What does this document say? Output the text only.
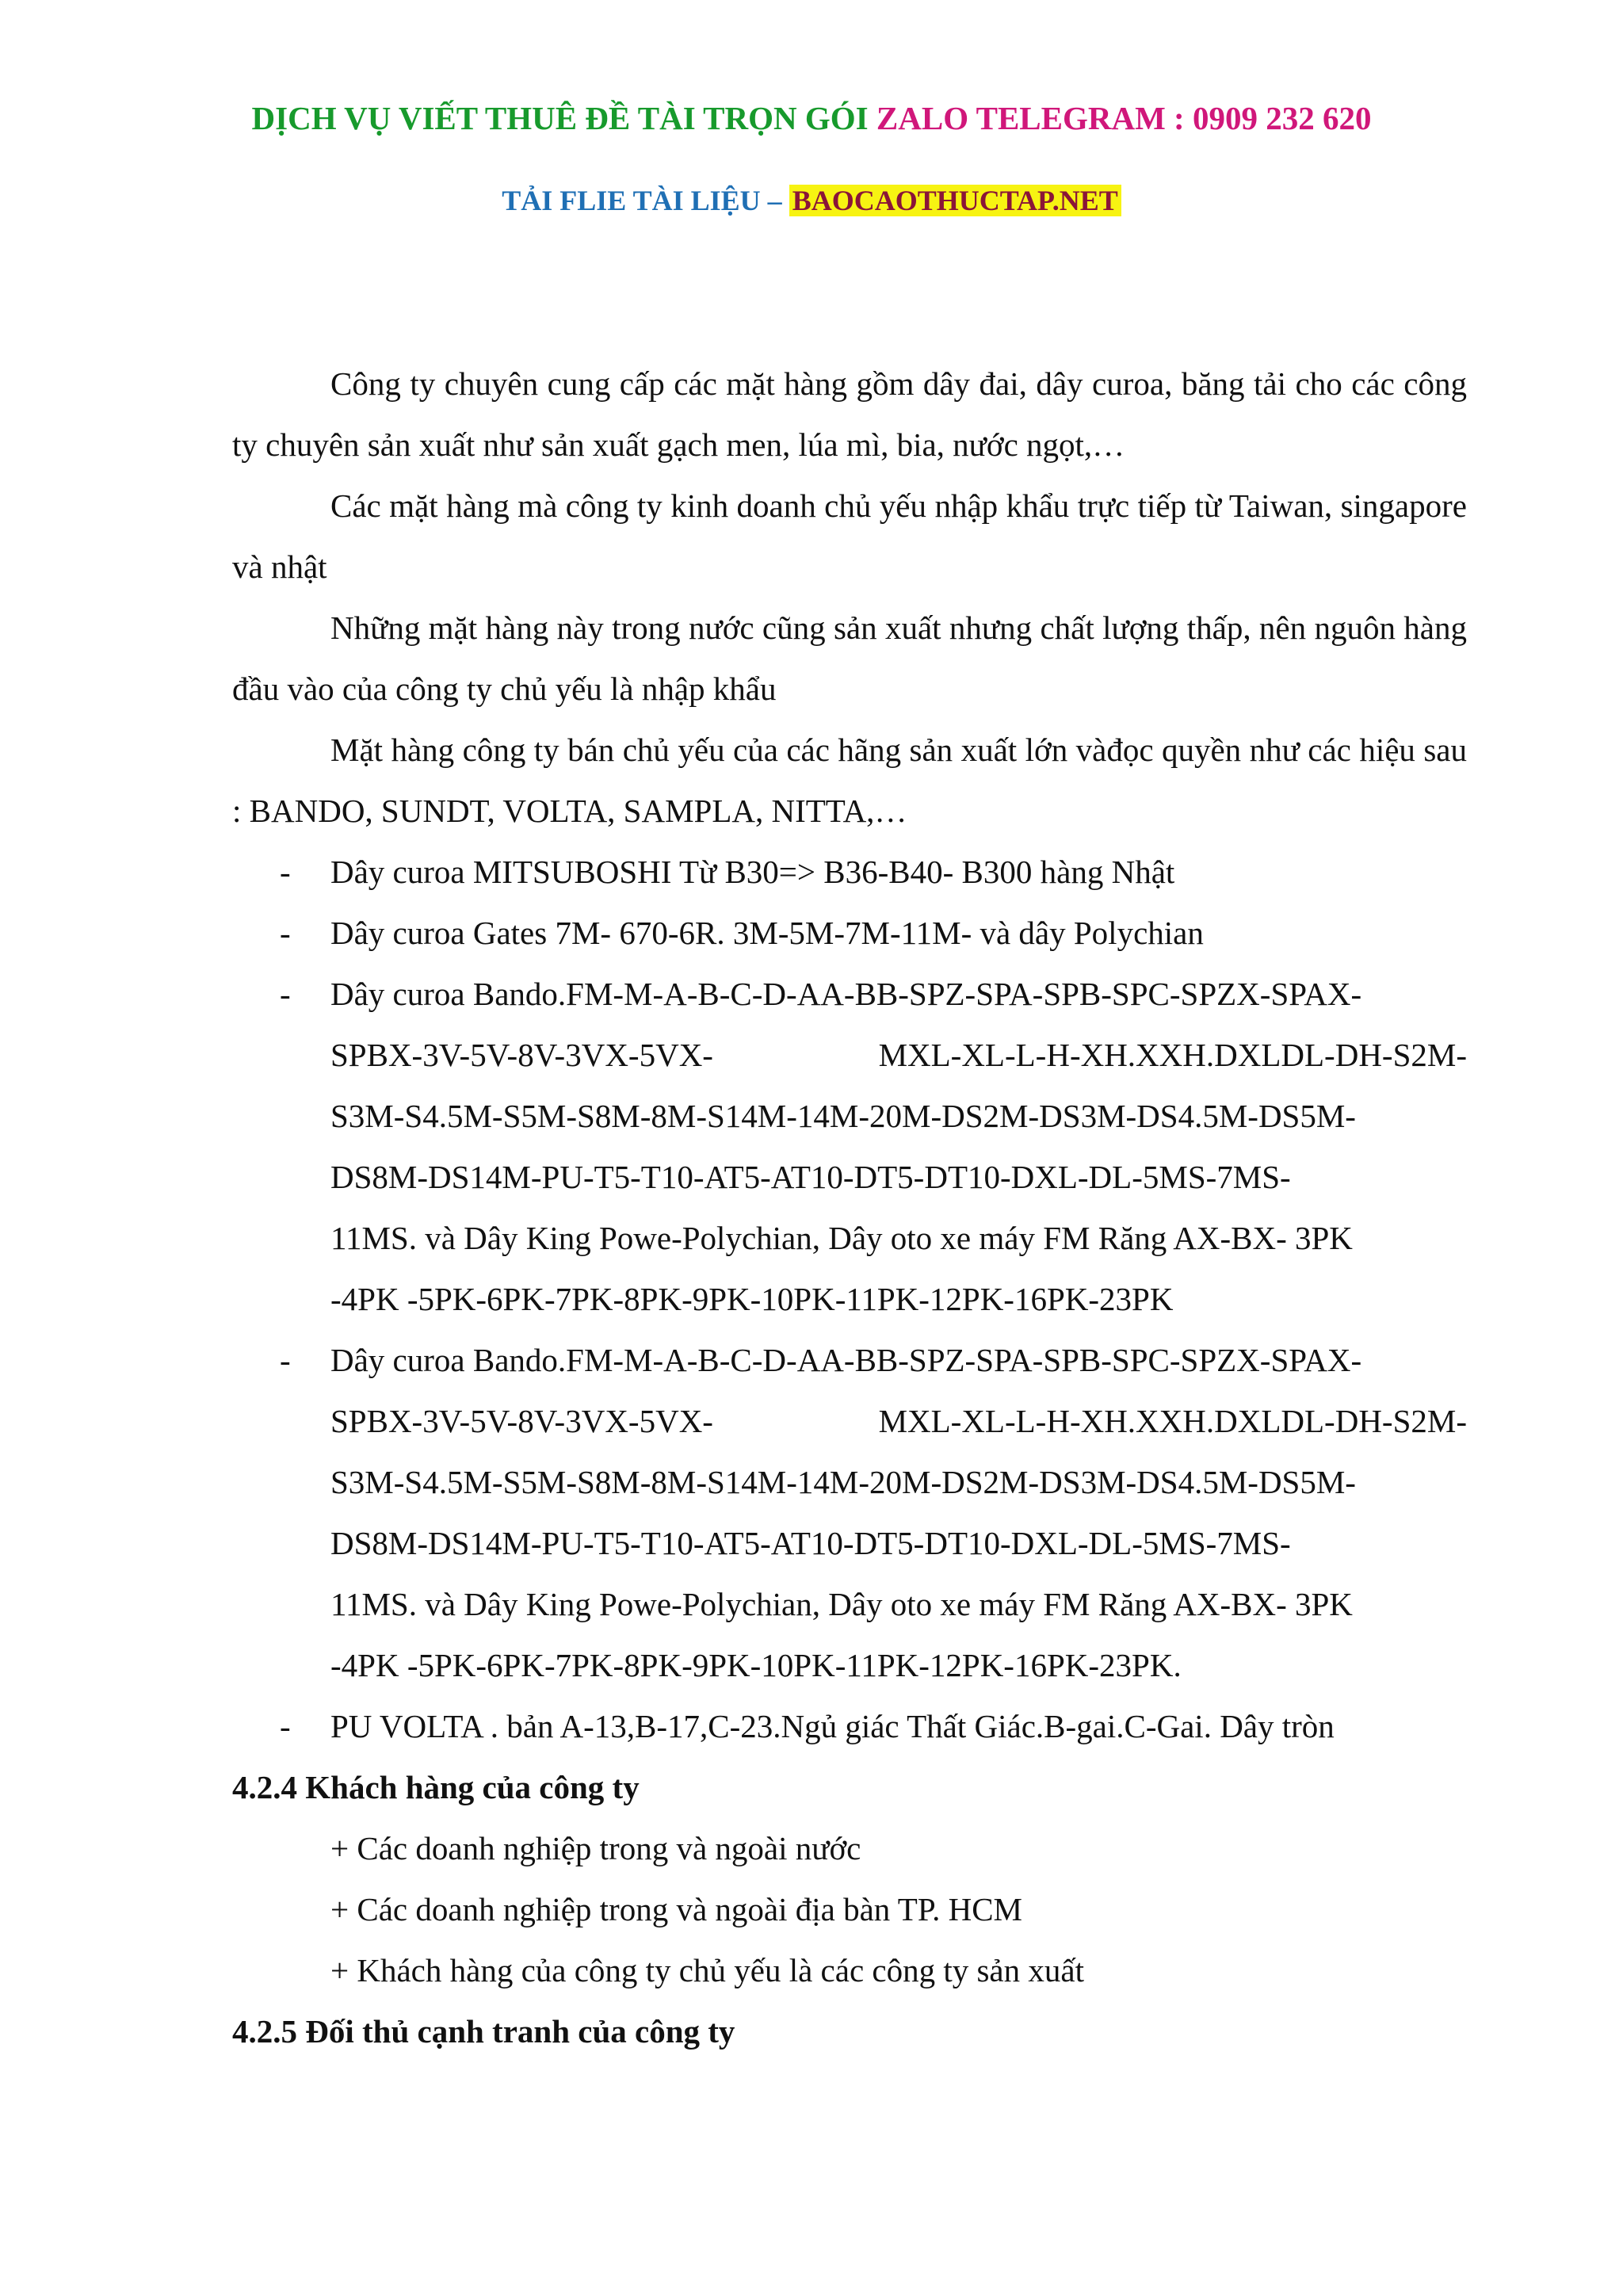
DỊCH VỤ VIẾT THUÊ ĐỀ TÀI TRỌN GÓI ZALO TELEGRAM : 0909 232 620
TẢI FLIE TÀI LIỆU – BAOCAOTHUCTAP.NET

Công ty chuyên cung cấp các mặt hàng gồm dây đai, dây curoa, băng tải cho các công ty chuyên sản xuất như sản xuất gạch men, lúa mì, bia, nước ngọt,…

Các mặt hàng mà công ty kinh doanh chủ yếu nhập khẩu trực tiếp từ Taiwan, singapore và nhật

Những mặt hàng này trong nước cũng sản xuất nhưng chất lượng thấp, nên nguôn hàng đầu vào của công ty chủ yếu là nhập khẩu

Mặt hàng công ty bán chủ yếu của các hãng sản xuất lớn vàđọc quyền như các hiệu sau : BANDO, SUNDT, VOLTA, SAMPLA, NITTA,…

- Dây curoa MITSUBOSHI Từ B30=> B36-B40- B300 hàng Nhật
- Dây curoa Gates 7M- 670-6R. 3M-5M-7M-11M- và dây Polychian
- Dây curoa Bando.FM-M-A-B-C-D-AA-BB-SPZ-SPA-SPB-SPC-SPZX-SPAX-
SPBX-3V-5V-8V-3VX-5VX-	MXL-XL-L-H-XH.XXH.DXLDL-DH-S2M-
S3M-S4.5M-S5M-S8M-8M-S14M-14M-20M-DS2M-DS3M-DS4.5M-DS5M-
DS8M-DS14M-PU-T5-T10-AT5-AT10-DT5-DT10-DXL-DL-5MS-7MS-
11MS. và Dây King Powe-Polychian, Dây oto xe máy FM Răng AX-BX- 3PK
-4PK -5PK-6PK-7PK-8PK-9PK-10PK-11PK-12PK-16PK-23PK
- Dây curoa Bando.FM-M-A-B-C-D-AA-BB-SPZ-SPA-SPB-SPC-SPZX-SPAX-
SPBX-3V-5V-8V-3VX-5VX-	MXL-XL-L-H-XH.XXH.DXLDL-DH-S2M-
S3M-S4.5M-S5M-S8M-8M-S14M-14M-20M-DS2M-DS3M-DS4.5M-DS5M-
DS8M-DS14M-PU-T5-T10-AT5-AT10-DT5-DT10-DXL-DL-5MS-7MS-
11MS. và Dây King Powe-Polychian, Dây oto xe máy FM Răng AX-BX- 3PK
-4PK -5PK-6PK-7PK-8PK-9PK-10PK-11PK-12PK-16PK-23PK.
- PU VOLTA . bản A-13,B-17,C-23.Ngủ giác Thất Giác.B-gai.C-Gai. Dây tròn

4.2.4 Khách hàng của công ty

+ Các doanh nghiệp trong và ngoài nước

+ Các doanh nghiệp trong và ngoài địa bàn TP. HCM

+ Khách hàng của công ty chủ yếu là các công ty sản xuất

4.2.5 Đối thủ cạnh tranh của công ty
